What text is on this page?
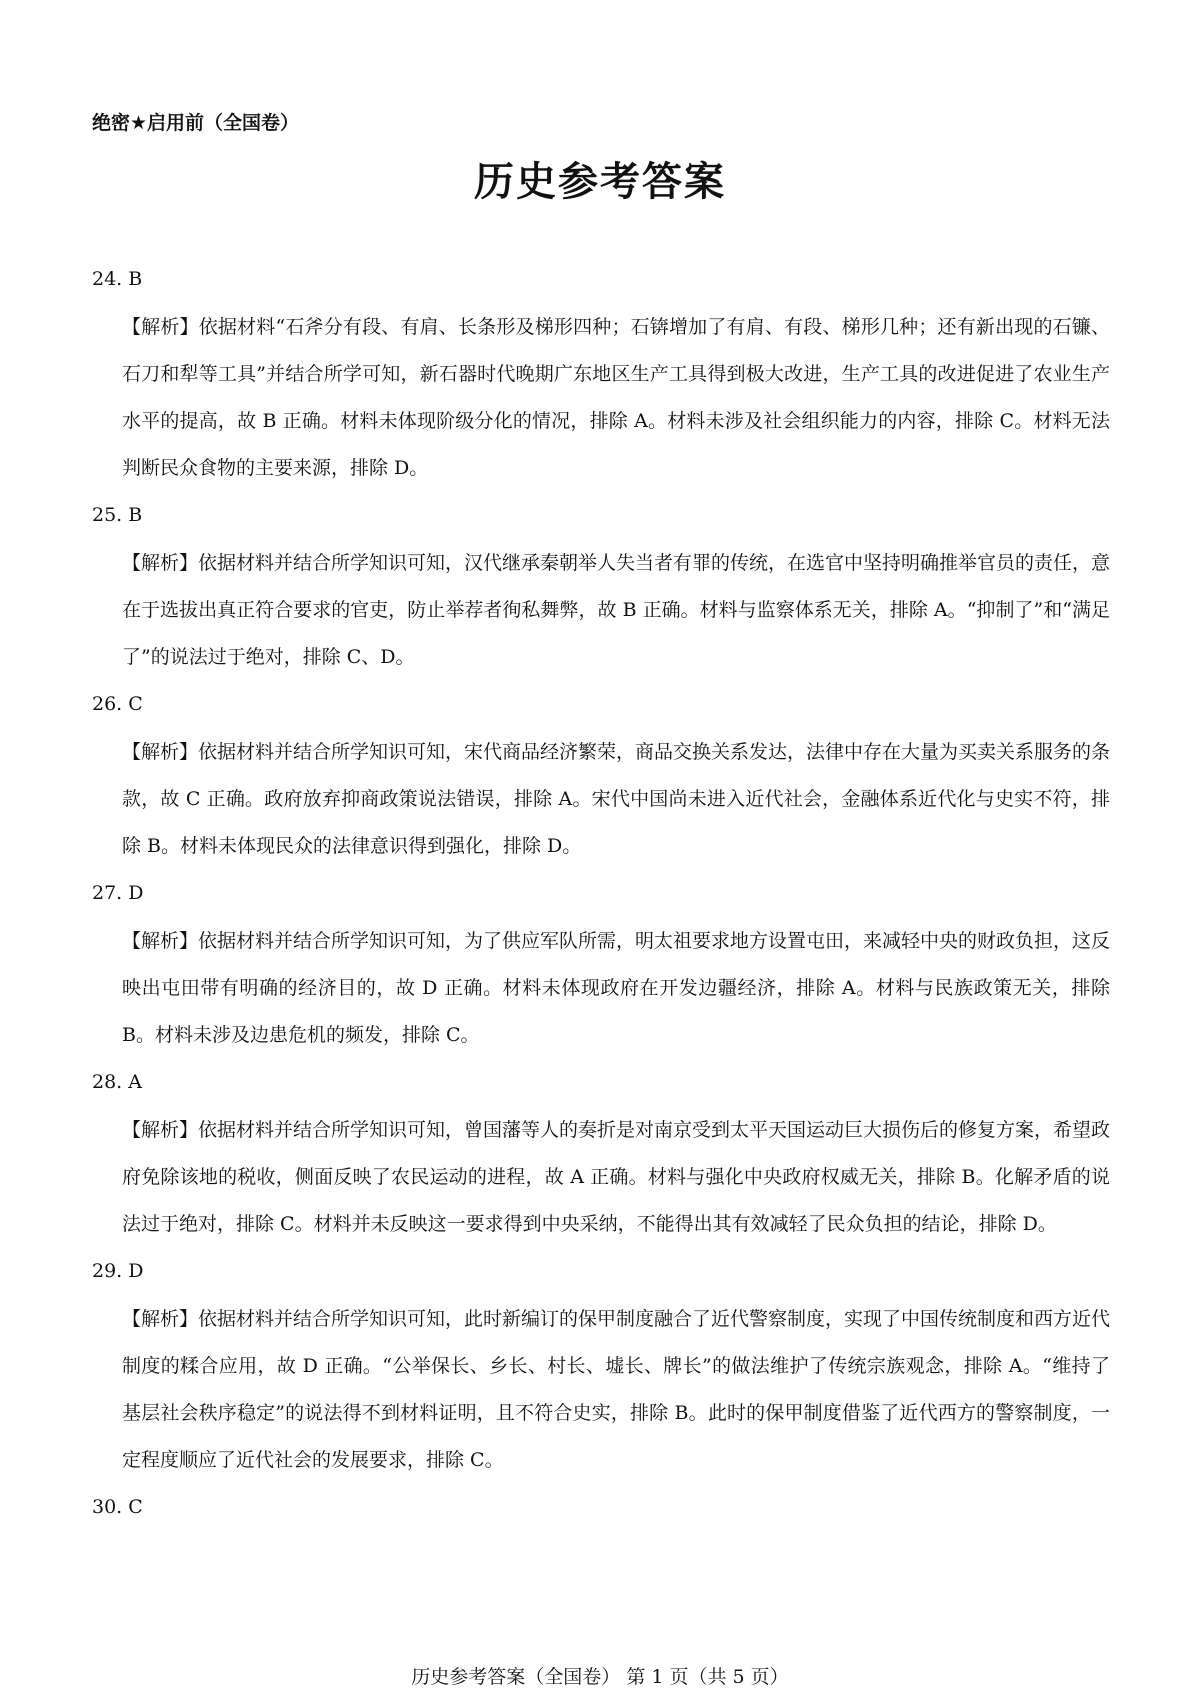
绝密★启用前（全国卷）
历史参考答案
24. B
【解析】依据材料“石斧分有段、有肩、长条形及梯形四种；石锛增加了有肩、有段、梯形几种；还有新出现的石镰、石刀和犁等工具”并结合所学可知，新石器时代晚期广东地区生产工具得到极大改进，生产工具的改进促进了农业生产水平的提高，故 B 正确。材料未体现阶级分化的情况，排除 A。材料未涉及社会组织能力的内容，排除 C。材料无法判断民众食物的主要来源，排除 D。
25. B
【解析】依据材料并结合所学知识可知，汉代继承秦朝举人失当者有罪的传统，在选官中坚持明确推举官员的责任，意在于选拔出真正符合要求的官吏，防止举荐者徇私舞弊，故 B 正确。材料与监察体系无关，排除 A。“抑制了”和“满足了”的说法过于绝对，排除 C、D。
26. C
【解析】依据材料并结合所学知识可知，宋代商品经济繁荣，商品交换关系发达，法律中存在大量为买卖关系服务的条款，故 C 正确。政府放弃抑商政策说法错误，排除 A。宋代中国尚未进入近代社会，金融体系近代化与史实不符，排除 B。材料未体现民众的法律意识得到强化，排除 D。
27. D
【解析】依据材料并结合所学知识可知，为了供应军队所需，明太祖要求地方设置屯田，来减轻中央的财政负担，这反映出屯田带有明确的经济目的，故 D 正确。材料未体现政府在开发边疆经济，排除 A。材料与民族政策无关，排除 B。材料未涉及边患危机的频发，排除 C。
28. A
【解析】依据材料并结合所学知识可知，曾国藩等人的奏折是对南京受到太平天国运动巨大损伤后的修复方案，希望政府免除该地的税收，侧面反映了农民运动的进程，故 A 正确。材料与强化中央政府权威无关，排除 B。化解矛盾的说法过于绝对，排除 C。材料并未反映这一要求得到中央采纳，不能得出其有效减轻了民众负担的结论，排除 D。
29. D
【解析】依据材料并结合所学知识可知，此时新编订的保甲制度融合了近代警察制度，实现了中国传统制度和西方近代制度的糅合应用，故 D 正确。“公举保长、乡长、村长、墟长、牌长”的做法维护了传统宗族观念，排除 A。“维持了基层社会秩序稳定”的说法得不到材料证明，且不符合史实，排除 B。此时的保甲制度借鉴了近代西方的警察制度，一定程度顺应了近代社会的发展要求，排除 C。
30. C
历史参考答案（全国卷） 第 1 页（共 5 页）
